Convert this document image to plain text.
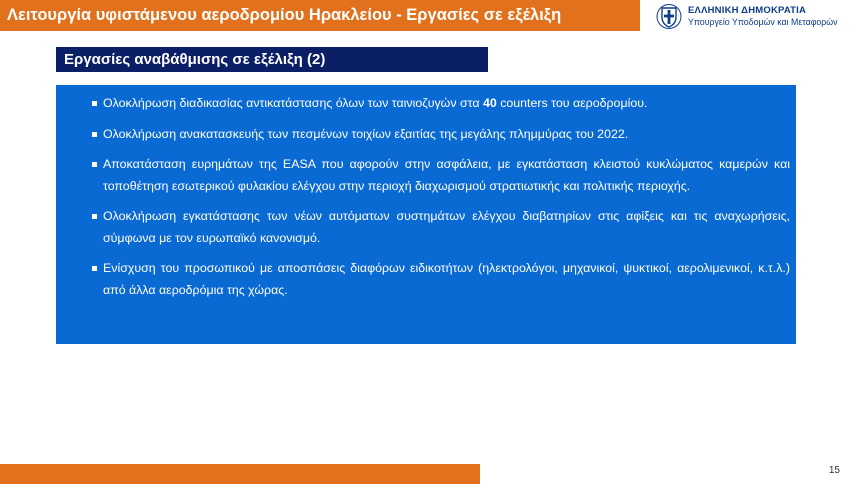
Λειτουργία υφιστάμενου αεροδρομίου Ηρακλείου - Εργασίες σε εξέλιξη	ΕΛΛΗΝΙΚΗ ΔΗΜΟΚΡΑΤΙΑ
Υπουργείο Υποδομών και Μεταφορών
Εργασίες αναβάθμισης σε εξέλιξη (2)
Ολοκλήρωση διαδικασίας αντικατάστασης όλων των ταινιοζυγών στα 40 counters του αεροδρομίου.
Ολοκλήρωση ανακατασκευής των πεσμένων τοιχίων εξαιτίας της μεγάλης πλημμύρας του 2022.
Αποκατάσταση ευρημάτων της EASA που αφορούν στην ασφάλεια, με εγκατάσταση κλειστού κυκλώματος καμερών και τοποθέτηση εσωτερικού φυλακίου ελέγχου στην περιοχή διαχωρισμού στρατιωτικής και πολιτικής περιοχής.
Ολοκλήρωση εγκατάστασης των νέων αυτόματων συστημάτων ελέγχου διαβατηρίων στις αφίξεις και τις αναχωρήσεις, σύμφωνα με τον ευρωπαϊκό κανονισμό.
Ενίσχυση του προσωπικού με αποσπάσεις διαφόρων ειδικοτήτων (ηλεκτρολόγοι, μηχανικοί, ψυκτικοί, αερολιμενικοί, κ.τ.λ.) από άλλα αεροδρόμια της χώρας.
15
